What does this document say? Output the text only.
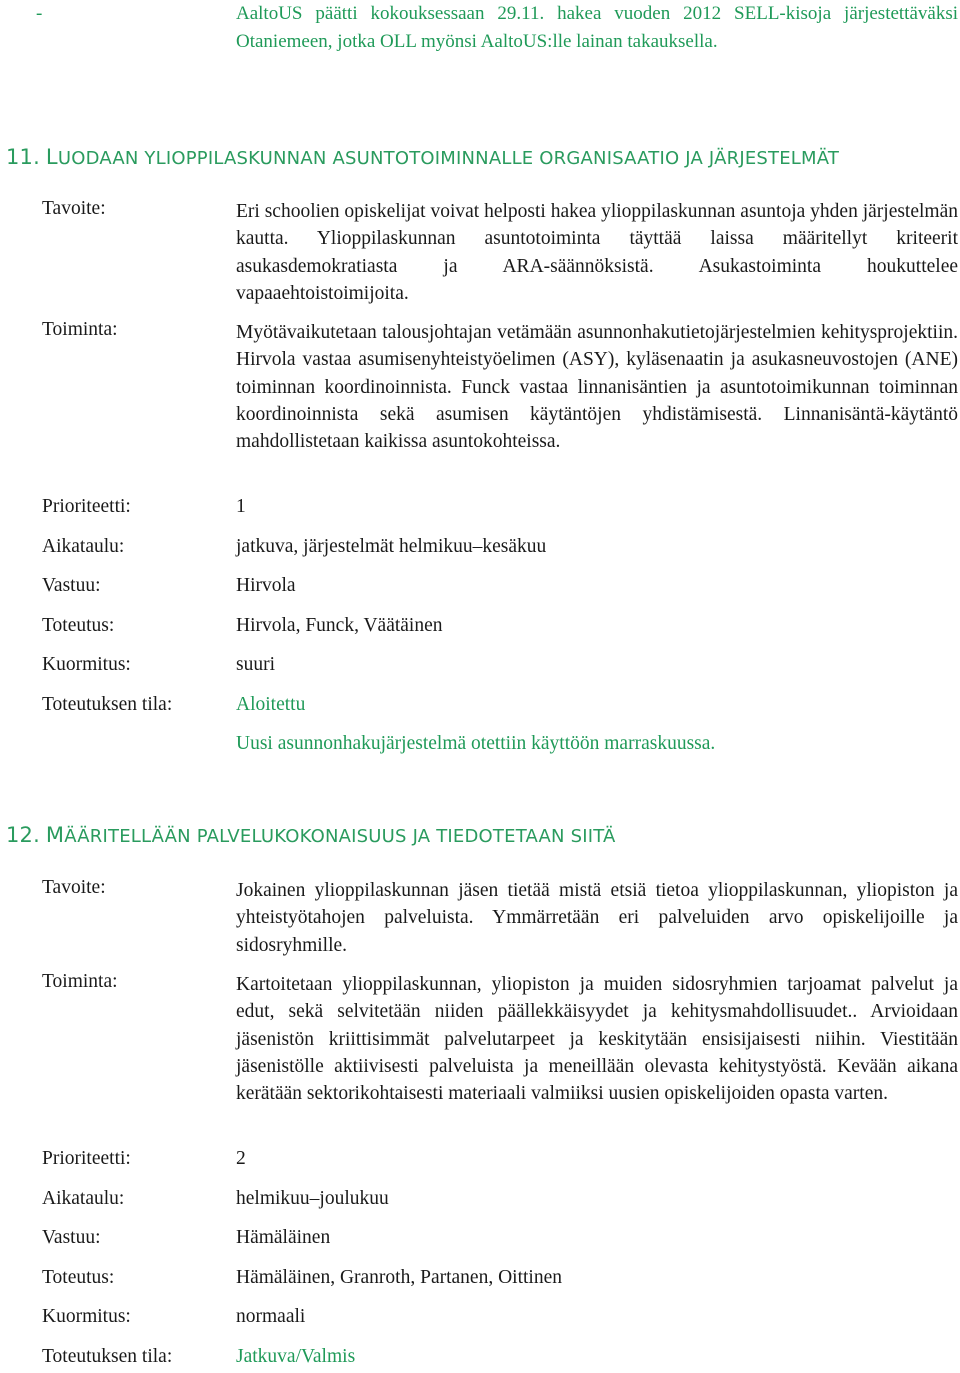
-	AaltoUS päätti kokouksessaan 29.11. hakea vuoden 2012 SELL-kisoja järjestettäväksi Otaniemeen, jotka OLL myönsi AaltoUS:lle lainan takauksella.
11. LUODAAN YLIOPPILASKUNNAN ASUNTOTOIMINNALLE ORGANISAATIO JA JÄRJESTELMÄT
Tavoite:	Eri schoolien opiskelijat voivat helposti hakea ylioppilaskunnan asuntoja yhden järjestelmän kautta. Ylioppilaskunnan asuntotoiminta täyttää laissa määritellyt kriteerit asukasdemokratiasta ja ARA-säännöksistä. Asukastoiminta houkuttelee vapaaehtoistoimijoita.
Toiminta:	Myötävaikutetaan talousjohtajan vetämään asunnonhakutietojärjestelmien kehitysprojektiin. Hirvola vastaa asumisenyhteistyöelimen (ASY), kyläsenaatin ja asukasneuvostojen (ANE) toiminnan koordinoinnista. Funck vastaa linnanisäntien ja asuntotoimikunnan toiminnan koordinoinnista sekä asumisen käytäntöjen yhdistämisestä. Linnanisäntä-käytäntö mahdollistetaan kaikissa asuntokohteissa.
Prioriteetti:	1
Aikataulu:	jatkuva, järjestelmät helmikuu–kesäkuu
Vastuu:	Hirvola
Toteutus:	Hirvola, Funck, Väätäinen
Kuormitus:	suuri
Toteutuksen tila:	Aloitettu
Uusi asunnonhakujärjestelmä otettiin käyttöön marraskuussa.
12. MÄÄRITELLÄÄN PALVELUKOKONAISUUS JA TIEDOTETAAN SIITÄ
Tavoite:	Jokainen ylioppilaskunnan jäsen tietää mistä etsiä tietoa ylioppilaskunnan, yliopiston ja yhteistyötahojen palveluista. Ymmärretään eri palveluiden arvo opiskelijoille ja sidosryhmille.
Toiminta:	Kartoitetaan ylioppilaskunnan, yliopiston ja muiden sidosryhmien tarjoamat palvelut ja edut, sekä selvitetään niiden päällekkäisyydet ja kehitysmahdollisuudet.. Arvioidaan jäsenistön kriittisimmät palvelutarpeet ja keskitytään ensisijaisesti niihin. Viestitään jäsenistölle aktiivisesti palveluista ja meneillään olevasta kehitystyöstä. Kevään aikana kerätään sektorikohtaisesti materiaali valmiiksi uusien opiskelijoiden opasta varten.
Prioriteetti:	2
Aikataulu:	helmikuu–joulukuu
Vastuu:	Hämäläinen
Toteutus:	Hämäläinen, Granroth, Partanen, Oittinen
Kuormitus:	normaali
Toteutuksen tila:	Jatkuva/Valmis
